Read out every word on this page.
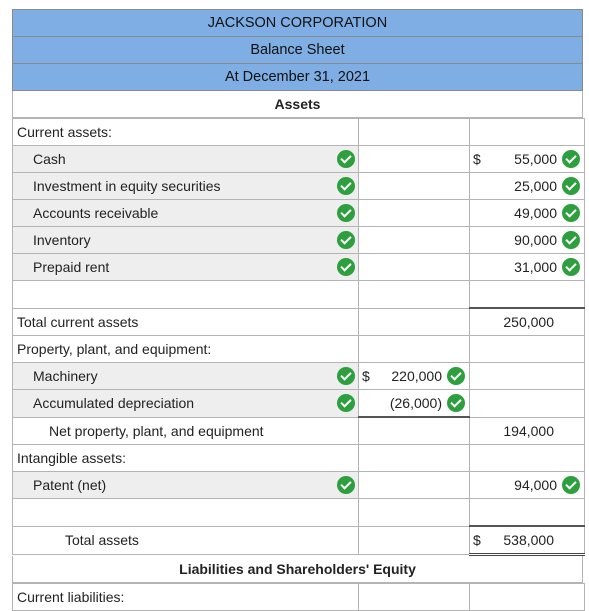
JACKSON CORPORATION
Balance Sheet
At December 31, 2021
Assets
Current assets:		

Cash		$ 55,000

Investment in equity securities		25,000

Accounts receivable		49,000

Inventory		90,000

Prepaid rent		31,000

Total current assets		250,000

Property, plant, and equipment:		

Machinery	$ 220,000	

Accumulated depreciation	(26,000)	

Net property, plant, and equipment		194,000

Intangible assets:		

Patent (net)		94,000

Total assets		$ 538,000
Liabilities and Shareholders' Equity
Current liabilities:
